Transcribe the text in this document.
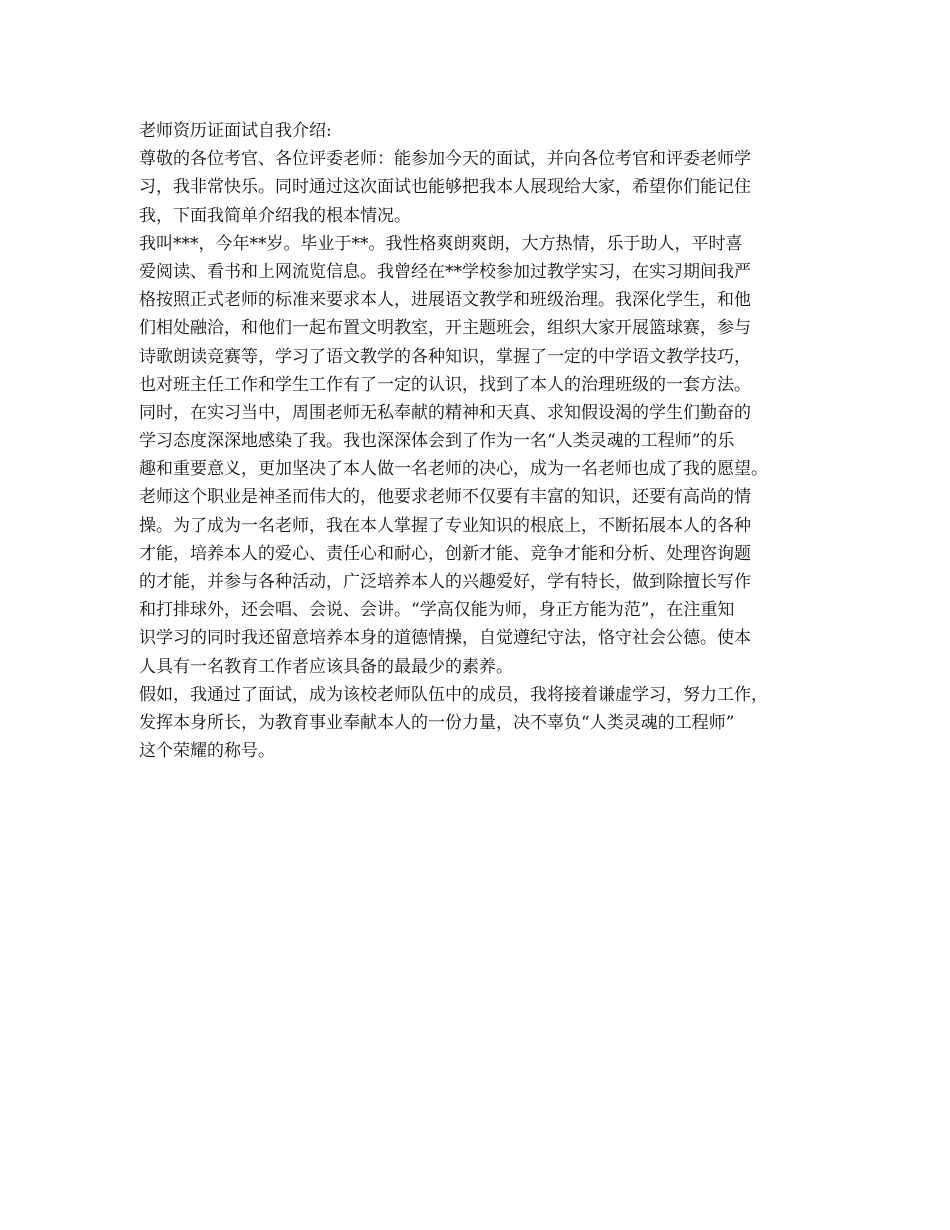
老师资历证面试自我介绍:

尊敬的各位考官、各位评委老师：能参加今天的面试，并向各位考官和评委老师学

习，我非常快乐。同时通过这次面试也能够把我本人展现给大家，希望你们能记住

我，下面我简单介绍我的根本情况。

我叫***，今年**岁。毕业于**。我性格爽朗爽朗，大方热情，乐于助人，平时喜

爱阅读、看书和上网流览信息。我曾经在**学校参加过教学实习，在实习期间我严

格按照正式老师的标准来要求本人，进展语文教学和班级治理。我深化学生，和他

们相处融洽，和他们一起布置文明教室，开主题班会，组织大家开展篮球赛，参与

诗歌朗读竞赛等，学习了语文教学的各种知识，掌握了一定的中学语文教学技巧，

也对班主任工作和学生工作有了一定的认识，找到了本人的治理班级的一套方法。

同时，在实习当中，周围老师无私奉献的精神和天真、求知假设渴的学生们勤奋的

学习态度深深地感染了我。我也深深体会到了作为一名“人类灵魂的工程师”的乐

趣和重要意义，更加坚决了本人做一名老师的决心，成为一名老师也成了我的愿望。

老师这个职业是神圣而伟大的，他要求老师不仅要有丰富的知识，还要有高尚的情

操。为了成为一名老师，我在本人掌握了专业知识的根底上，不断拓展本人的各种

才能，培养本人的爱心、责任心和耐心，创新才能、竞争才能和分析、处理咨询题

的才能，并参与各种活动，广泛培养本人的兴趣爱好，学有特长，做到除擅长写作

和打排球外，还会唱、会说、会讲。“学高仅能为师，身正方能为范”，在注重知

识学习的同时我还留意培养本身的道德情操，自觉遵纪守法，恪守社会公德。使本

人具有一名教育工作者应该具备的最最少的素养。

假如，我通过了面试，成为该校老师队伍中的成员，我将接着谦虚学习，努力工作，

发挥本身所长，为教育事业奉献本人的一份力量，决不辜负“人类灵魂的工程师”

这个荣耀的称号。
